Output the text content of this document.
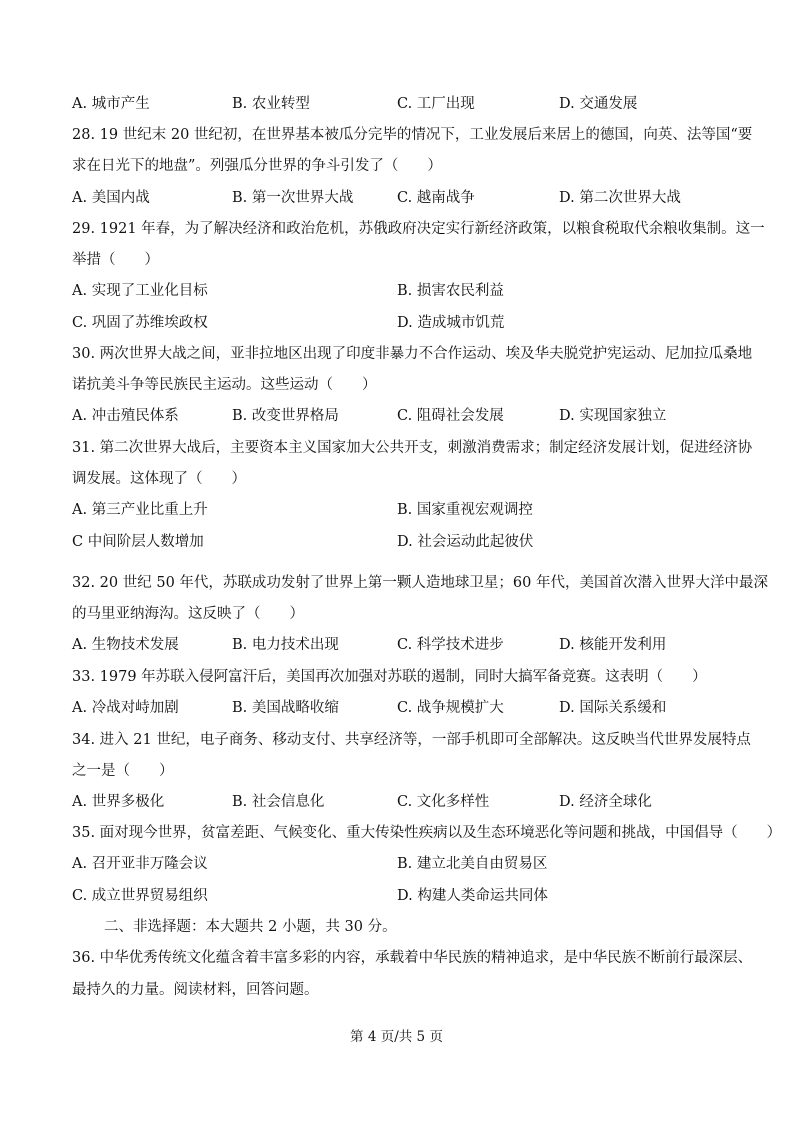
A. 城市产生	B. 农业转型	C. 工厂出现	D. 交通发展
28. 19 世纪末 20 世纪初，在世界基本被瓜分完毕的情况下，工业发展后来居上的德国，向英、法等国“要
求在日光下的地盘”。列强瓜分世界的争斗引发了（　　）
A. 美国内战	B. 第一次世界大战	C. 越南战争	D. 第二次世界大战
29. 1921 年春，为了解决经济和政治危机，苏俄政府决定实行新经济政策，以粮食税取代余粮收集制。这一
举措（　　）
A. 实现了工业化目标	B. 损害农民利益
C. 巩固了苏维埃政权	D. 造成城市饥荒
30. 两次世界大战之间，亚非拉地区出现了印度非暴力不合作运动、埃及华夫脱党护宪运动、尼加拉瓜桑地
诺抗美斗争等民族民主运动。这些运动（　　）
A. 冲击殖民体系	B. 改变世界格局	C. 阻碍社会发展	D. 实现国家独立
31. 第二次世界大战后，主要资本主义国家加大公共开支，刺激消费需求；制定经济发展计划，促进经济协
调发展。这体现了（　　）
A. 第三产业比重上升	B. 国家重视宏观调控
C 中间阶层人数增加	D. 社会运动此起彼伏
32. 20 世纪 50 年代，苏联成功发射了世界上第一颗人造地球卫星；60 年代，美国首次潜入世界大洋中最深
的马里亚纳海沟。这反映了（　　）
A. 生物技术发展	B. 电力技术出现	C. 科学技术进步	D. 核能开发利用
33. 1979 年苏联入侵阿富汗后，美国再次加强对苏联的遏制，同时大搞军备竞赛。这表明（　　）
A. 冷战对峙加剧	B. 美国战略收缩	C. 战争规模扩大	D. 国际关系缓和
34. 进入 21 世纪，电子商务、移动支付、共享经济等，一部手机即可全部解决。这反映当代世界发展特点
之一是（　　）
A. 世界多极化	B. 社会信息化	C. 文化多样性	D. 经济全球化
35. 面对现今世界，贫富差距、气候变化、重大传染性疾病以及生态环境恶化等问题和挑战，中国倡导（　　）
A. 召开亚非万隆会议	B. 建立北美自由贸易区
C. 成立世界贸易组织	D. 构建人类命运共同体
二、非选择题：本大题共 2 小题，共 30 分。
36. 中华优秀传统文化蕴含着丰富多彩的内容，承载着中华民族的精神追求，是中华民族不断前行最深层、
最持久的力量。阅读材料，回答问题。
第 4 页/共 5 页
